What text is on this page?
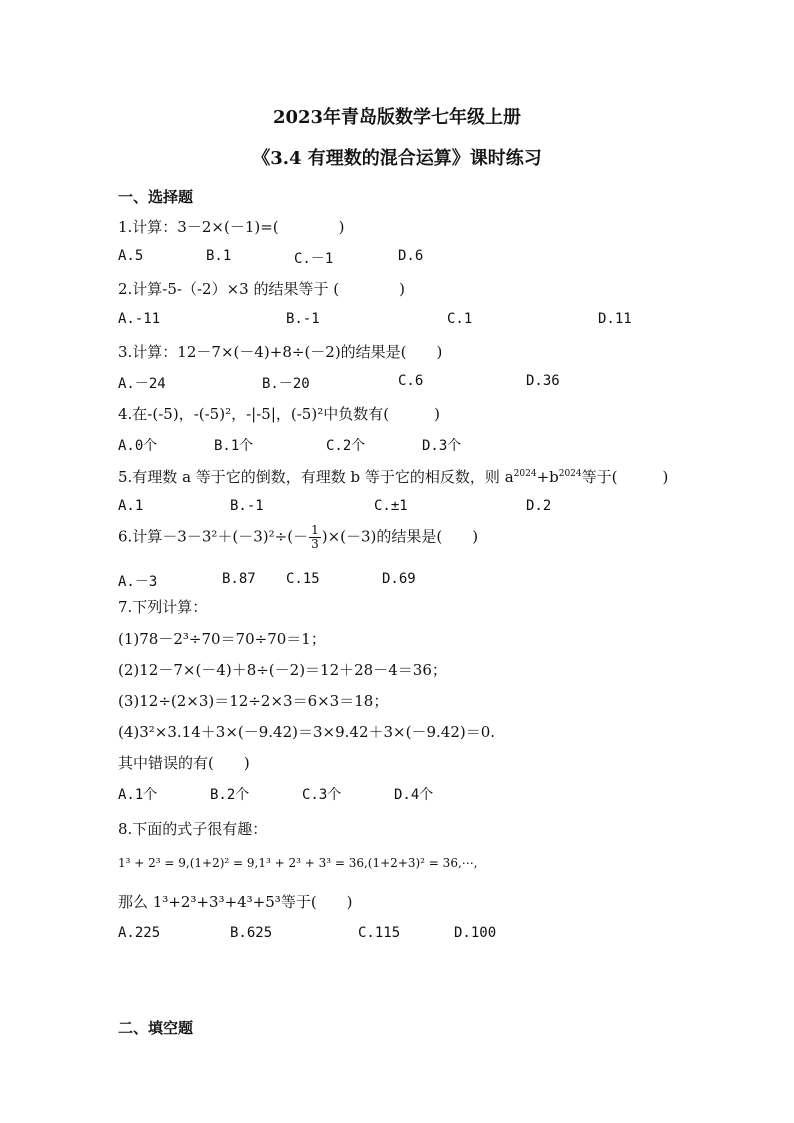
2023年青岛版数学七年级上册
《3.4 有理数的混合运算》课时练习
一、选择题
1.计算：3－2×(－1)=(　　　　)
A.5	B.1	C.－1	D.6
2.计算-5-（-2）×3 的结果等于 (　　　　)
A.-11	B.-1	C.1	D.11
3.计算：12－7×(－4)+8÷(－2)的结果是(　　)
A.－24	B.－20	C.6	D.36
4.在-(-5)，-(-5)²，-|-5|，(-5)²中负数有(　　　)
A.0个	B.1个	C.2个	D.3个
5.有理数 a 等于它的倒数，有理数 b 等于它的相反数，则 $a^{2024}+b^{2024}$等于(　　　)
A.1	B.-1	C.±1	D.2
6.计算$-3-3^2+(-3)^2\div(- \frac{1}{3} )\times(-3)$的结果是(　　)
A.－3	B.87 C.15	D.69
7.下列计算：
(1)78－2³÷70＝70÷70＝1；
(2)12－7×(－4)＋8÷(－2)＝12＋28－4＝36；
(3)12÷(2×3)＝12÷2×3＝6×3＝18；
(4)3²×3.14＋3×(－9.42)＝3×9.42＋3×(－9.42)＝0.
其中错误的有(　　)
A.1个	B.2个	C.3个	D.4个
8.下面的式子很有趣：
1³ + 2³ = 9,(1+2)² = 9,1³ + 2³ + 3³ = 36,(1+2+3)² = 36,⋯,
那么 1³+2³+3³+4³+5³等于(　　)
A.225	B.625	C.115	D.100
二、填空题
